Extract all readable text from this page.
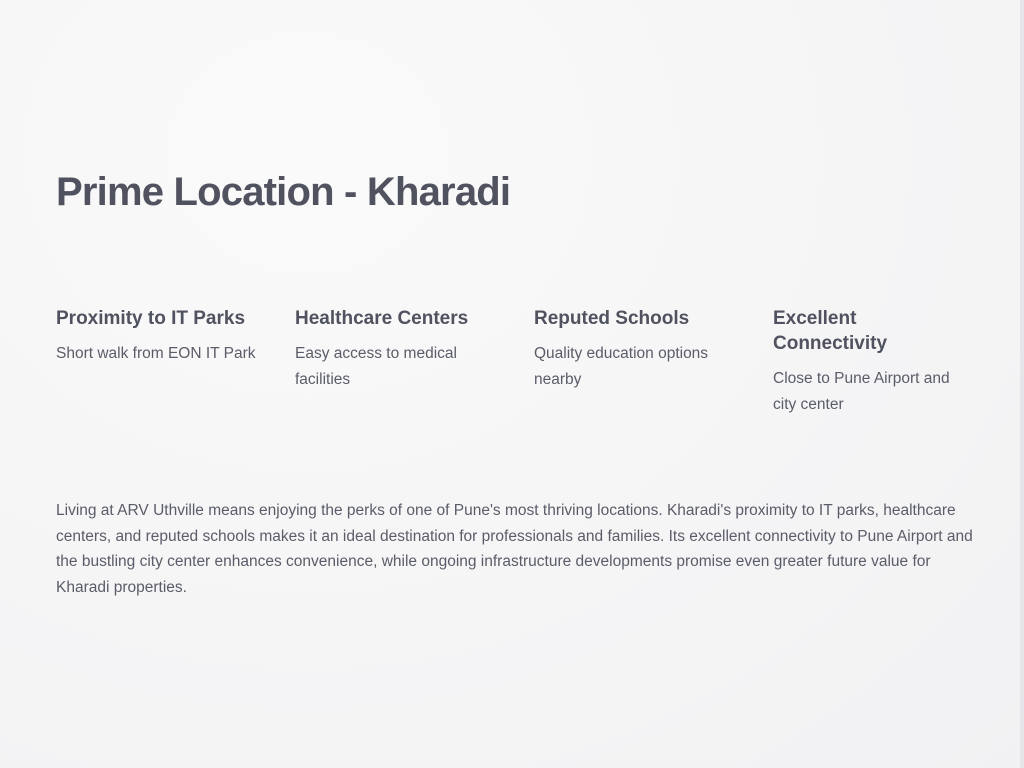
Prime Location - Kharadi
Proximity to IT Parks

Short walk from EON IT Park

Healthcare Centers

Easy access to medical facilities

Reputed Schools

Quality education options nearby

Excellent Connectivity

Close to Pune Airport and city center

Living at ARV Uthville means enjoying the perks of one of Pune's most thriving locations. Kharadi's proximity to IT parks, healthcare centers, and reputed schools makes it an ideal destination for professionals and families. Its excellent connectivity to Pune Airport and the bustling city center enhances convenience, while ongoing infrastructure developments promise even greater future value for Kharadi properties.
